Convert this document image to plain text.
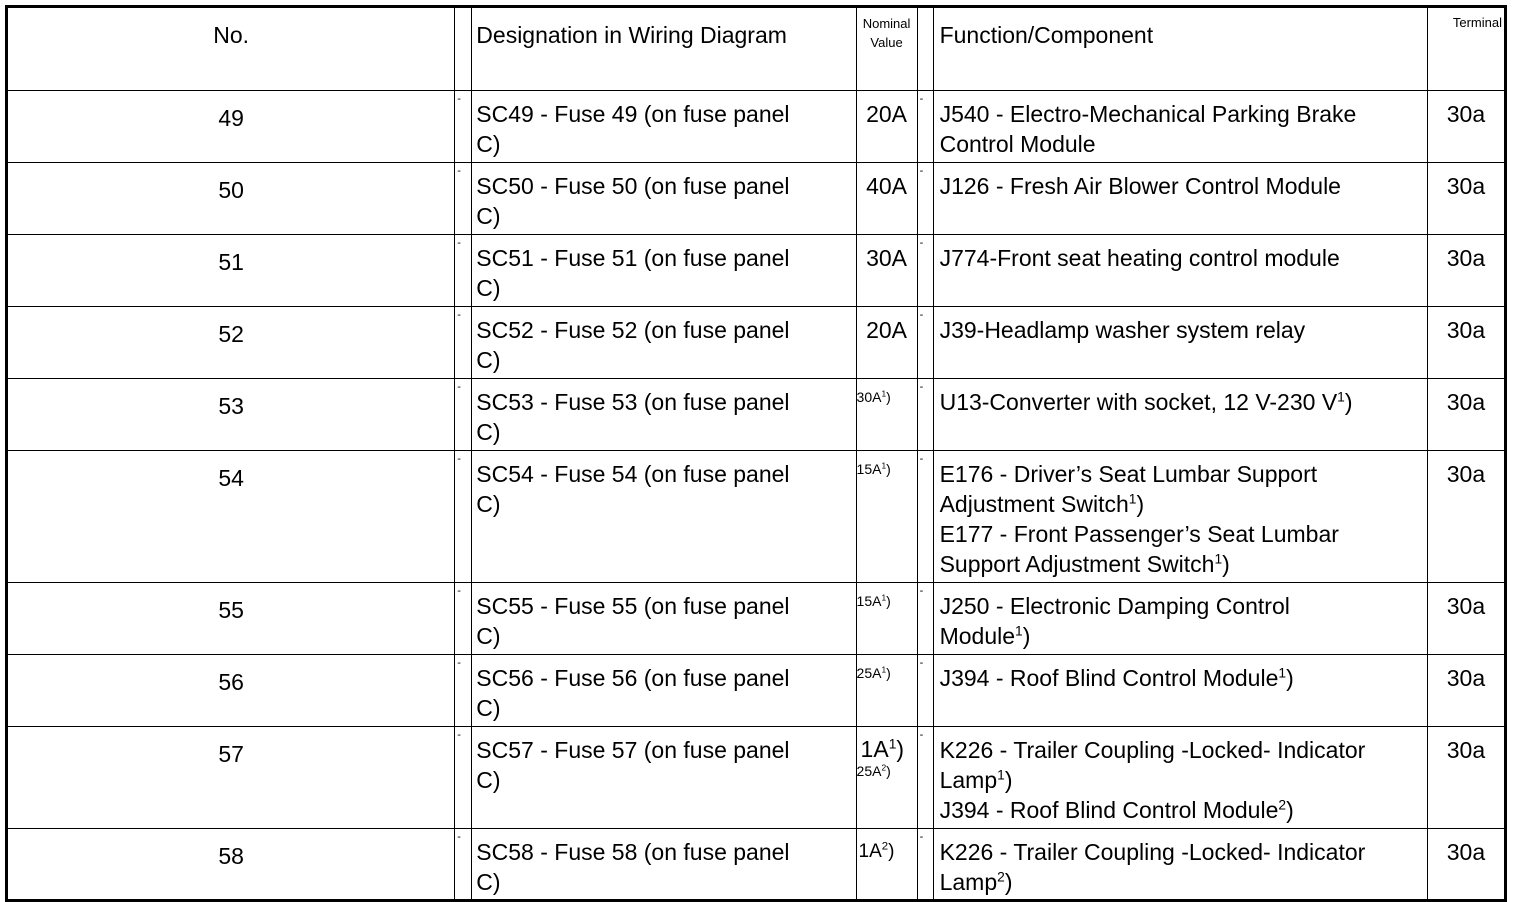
No.		Designation in Wiring Diagram	Nominal
Value		Function/Component	Terminal
49	-	SC49 - Fuse 49 (on fuse panel
C)	20A	-	J540 - Electro-Mechanical Parking Brake
Control Module	30a
50	-	SC50 - Fuse 50 (on fuse panel
C)	40A	-	J126 - Fresh Air Blower Control Module	30a
51	-	SC51 - Fuse 51 (on fuse panel
C)	30A	-	J774-Front seat heating control module	30a
52	-	SC52 - Fuse 52 (on fuse panel
C)	20A	-	J39-Headlamp washer system relay	30a
53	-	SC53 - Fuse 53 (on fuse panel
C)	$30A^1$)	-	U13-Converter with socket, 12 V-230 $V^1$)	30a
54	-	SC54 - Fuse 54 (on fuse panel
C)	$15A^1$)	-	E176 - Driver’s Seat Lumbar Support
Adjustment Switch$^1$)
E177 - Front Passenger’s Seat Lumbar
Support Adjustment Switch$^1$)	30a
55	-	SC55 - Fuse 55 (on fuse panel
C)	$15A^1$)	-	J250 - Electronic Damping Control
Module$^1$)	30a
56	-	SC56 - Fuse 56 (on fuse panel
C)	$25A^1$)	-	J394 - Roof Blind Control Module$^1$)	30a
57	-	SC57 - Fuse 57 (on fuse panel
C)	$1A^1$)
$25A^2$)	-	K226 - Trailer Coupling -Locked- Indicator
Lamp$^1$)
J394 - Roof Blind Control Module$^2$)	30a
58	-	SC58 - Fuse 58 (on fuse panel
C)	$1A^2$)	-	K226 - Trailer Coupling -Locked- Indicator
Lamp$^2$)	30a
